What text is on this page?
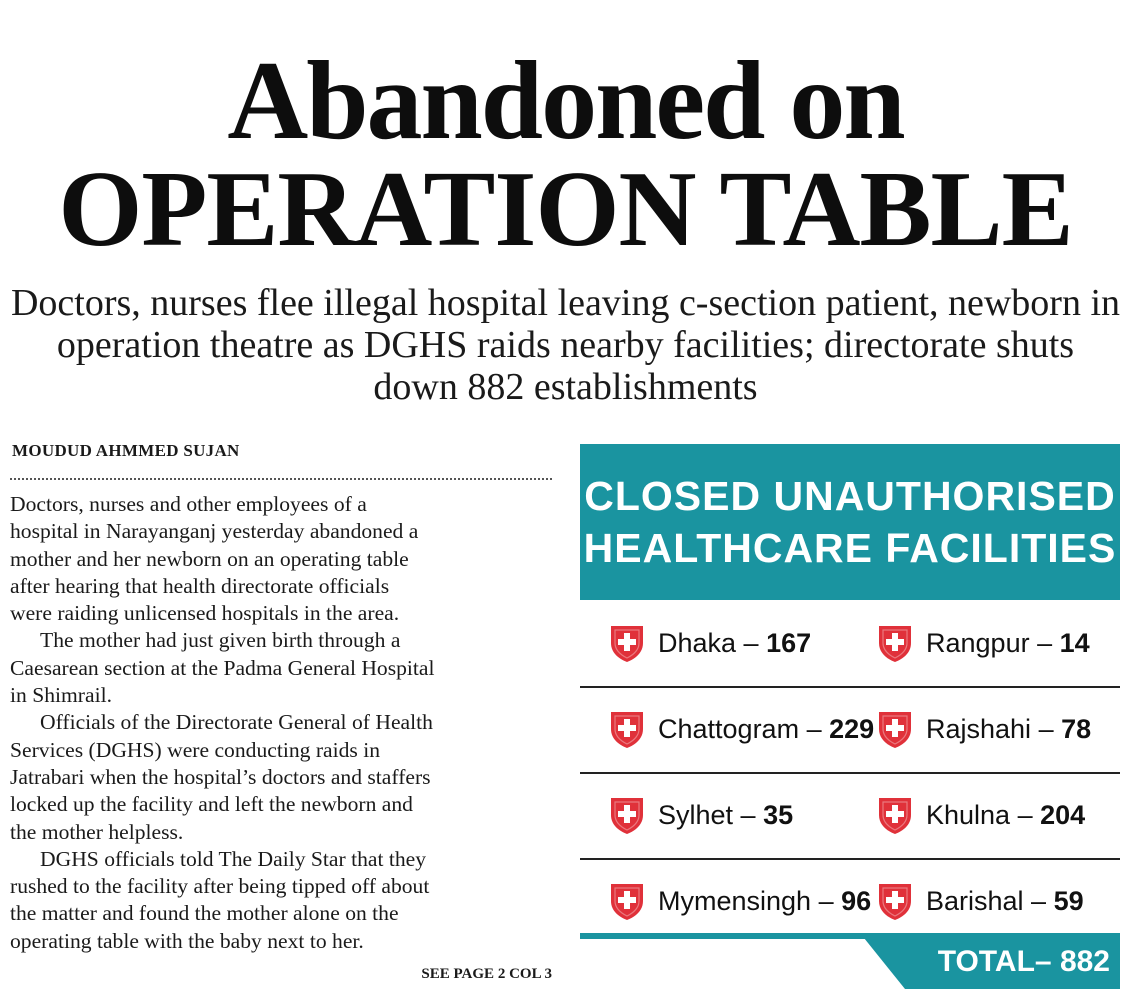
Abandoned on
OPERATION TABLE

Doctors, nurses flee illegal hospital leaving c-section patient, newborn in operation theatre as DGHS raids nearby facilities; directorate shuts down 882 establishments

MOUDUD AHMMED SUJAN

Doctors, nurses and other employees of a

hospital in Narayanganj yesterday abandoned a

mother and her newborn on an operating table

after hearing that health directorate officials

were raiding unlicensed hospitals in the area.

The mother had just given birth through a

Caesarean section at the Padma General Hospital

in Shimrail.

Officials of the Directorate General of Health

Services (DGHS) were conducting raids in

Jatrabari when the hospital’s doctors and staffers

locked up the facility and left the newborn and

the mother helpless.

DGHS officials told The Daily Star that they

rushed to the facility after being tipped off about

the matter and found the mother alone on the

operating table with the baby next to her.

SEE PAGE 2 COL 3
CLOSED UNAUTHORISED
HEALTHCARE FACILITIES
Dhaka – 167	Rangpur – 14
Chattogram – 229 Rajshahi – 78
Sylhet – 35	Khulna – 204
Mymensingh – 96 Barishal – 59
TOTAL– 882
